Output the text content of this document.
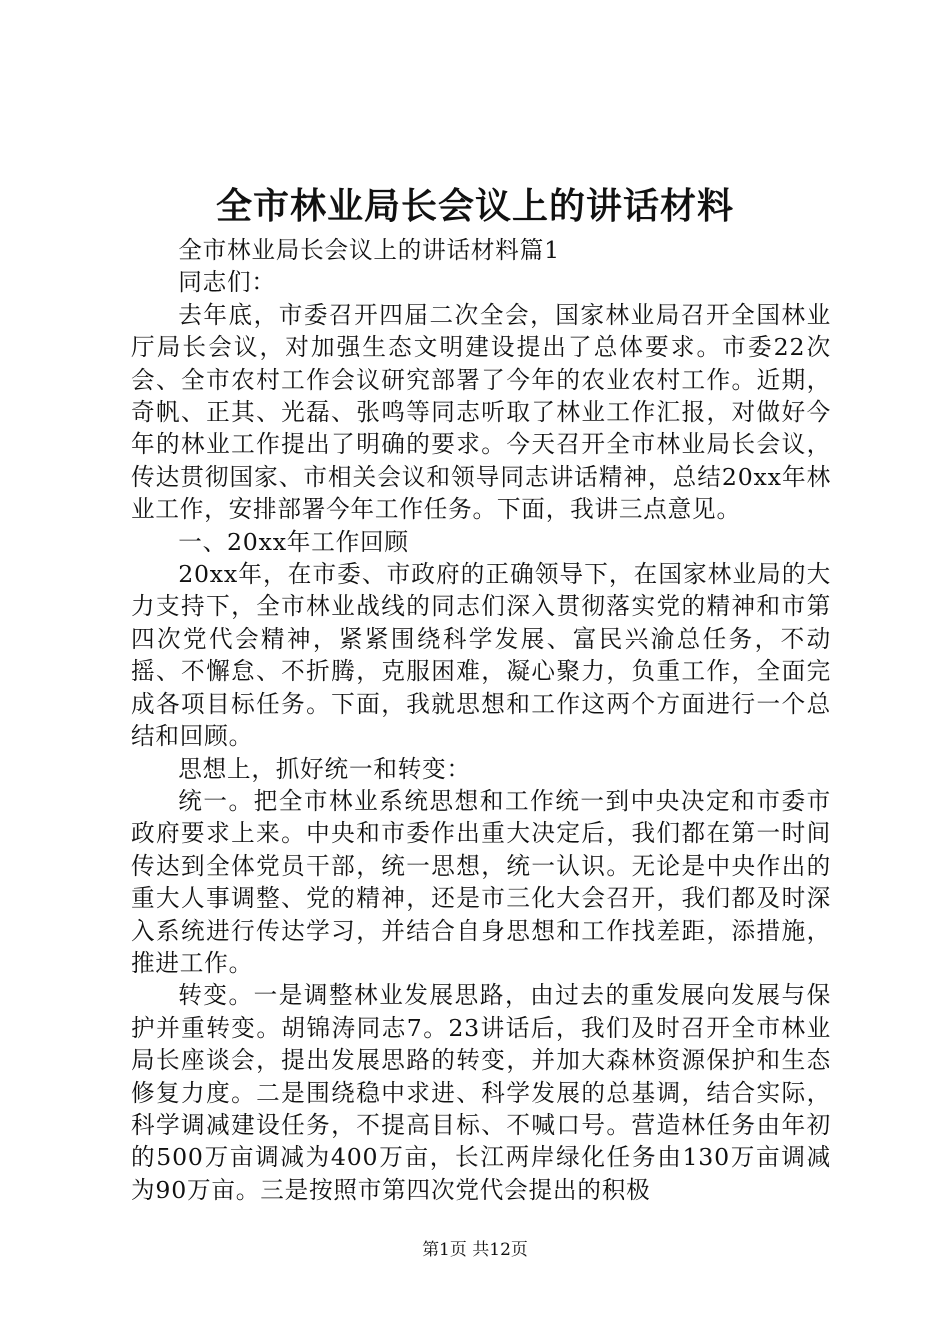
全市林业局长会议上的讲话材料

全市林业局长会议上的讲话材料篇1

同志们：

去年底，市委召开四届二次全会，国家林业局召开全国林业厅局长会议，对加强生态文明建设提出了总体要求。市委22次会、全市农村工作会议研究部署了今年的农业农村工作。近期，奇帆、正其、光磊、张鸣等同志听取了林业工作汇报，对做好今年的林业工作提出了明确的要求。今天召开全市林业局长会议，传达贯彻国家、市相关会议和领导同志讲话精神，总结20xx年林业工作，安排部署今年工作任务。下面，我讲三点意见。

一、20xx年工作回顾

20xx年，在市委、市政府的正确领导下，在国家林业局的大力支持下，全市林业战线的同志们深入贯彻落实党的精神和市第四次党代会精神，紧紧围绕科学发展、富民兴渝总任务，不动摇、不懈怠、不折腾，克服困难，凝心聚力，负重工作，全面完成各项目标任务。下面，我就思想和工作这两个方面进行一个总结和回顾。

思想上，抓好统一和转变：

统一。把全市林业系统思想和工作统一到中央决定和市委市政府要求上来。中央和市委作出重大决定后，我们都在第一时间传达到全体党员干部，统一思想，统一认识。无论是中央作出的重大人事调整、党的精神，还是市三化大会召开，我们都及时深入系统进行传达学习，并结合自身思想和工作找差距，添措施，推进工作。

转变。一是调整林业发展思路，由过去的重发展向发展与保护并重转变。胡锦涛同志7。23讲话后，我们及时召开全市林业局长座谈会，提出发展思路的转变，并加大森林资源保护和生态修复力度。二是围绕稳中求进、科学发展的总基调，结合实际，科学调减建设任务，不提高目标、不喊口号。营造林任务由年初的500万亩调减为400万亩，长江两岸绿化任务由130万亩调减为90万亩。三是按照市第四次党代会提出的积极

第1页 共12页
